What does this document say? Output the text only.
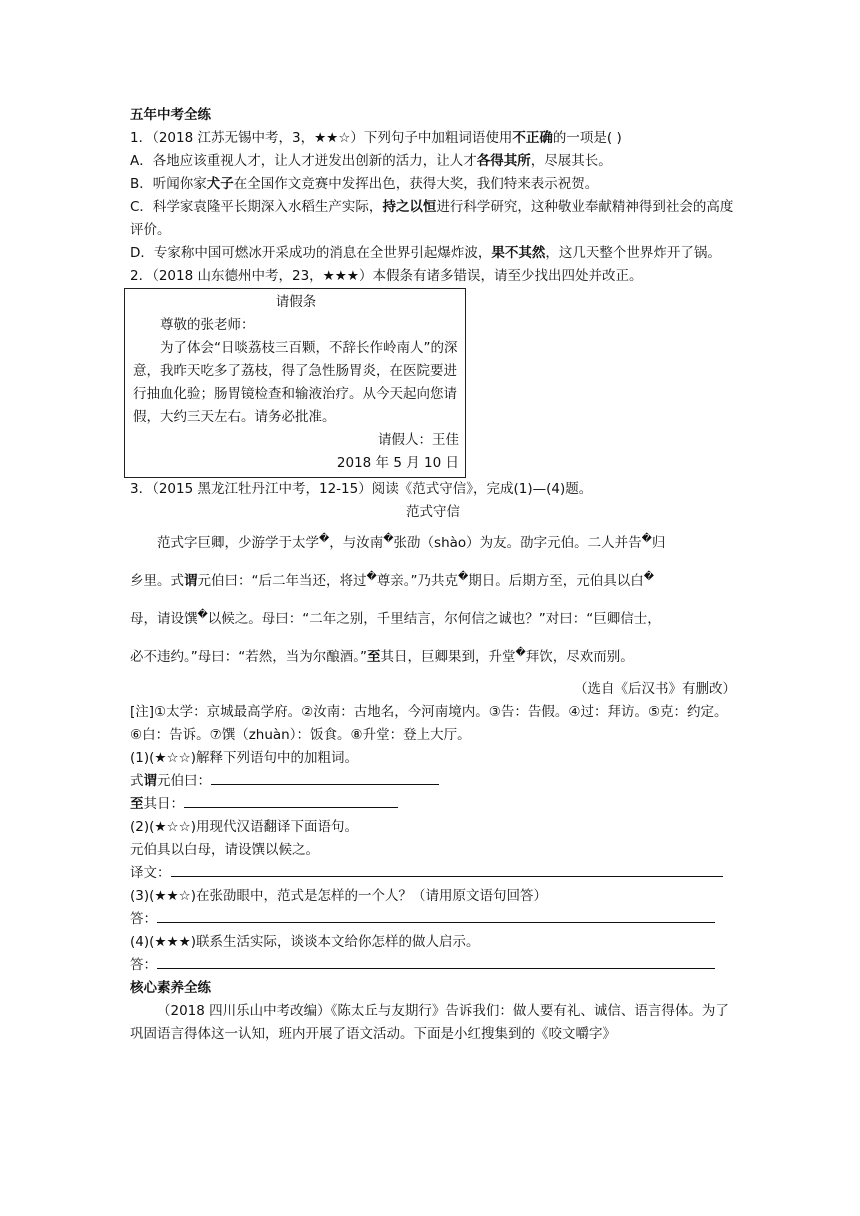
五年中考全练
1．（2018 江苏无锡中考，3，★★☆）下列句子中加粗词语使用不正确的一项是( )
A．各地应该重视人才，让人才迸发出创新的活力，让人才各得其所，尽展其长。
B．听闻你家犬子在全国作文竞赛中发挥出色，获得大奖，我们特来表示祝贺。
C．科学家袁隆平长期深入水稻生产实际，持之以恒进行科学研究，这种敬业奉献精神得到社会的高度评价。
D．专家称中国可燃冰开采成功的消息在全世界引起爆炸波，果不其然，这几天整个世界炸开了锅。
2．（2018 山东德州中考，23，★★★）本假条有诸多错误，请至少找出四处并改正。
请假条
尊敬的张老师：
为了体会“日啖荔枝三百颗，不辞长作岭南人”的深意，我昨天吃多了荔枝，得了急性肠胃炎，在医院要进行抽血化验；肠胃镜检查和输液治疗。从今天起向您请假，大约三天左右。请务必批准。
请假人：王佳
2018 年 5 月 10 日
3．（2015 黑龙江牡丹江中考，12-15）阅读《范式守信》，完成(1)—(4)题。
范式守信
范式字巨卿，少游学于太学�，与汝南�张劭（shào）为友。劭字元伯。二人并告�归
乡里。式谓元伯曰：“后二年当还，将过�尊亲。”乃共克�期日。后期方至，元伯具以白�
母，请设馔�以候之。母曰：“二年之别，千里结言，尔何信之诚也？”对曰：“巨卿信士，
必不违约。”母曰：“若然，当为尔酿酒。”至其日，巨卿果到，升堂�拜饮，尽欢而别。
（选自《后汉书》有删改）
[注]①太学：京城最高学府。②汝南：古地名，今河南境内。③告：告假。④过：拜访。⑤克：约定。⑥白：告诉。⑦馔（zhuàn）：饭食。⑧升堂：登上大厅。
(1)(★☆☆)解释下列语句中的加粗词。
式谓元伯曰：
至其日：
(2)(★☆☆)用现代汉语翻译下面语句。
元伯具以白母，请设馔以候之。
译文：
(3)(★★☆)在张劭眼中，范式是怎样的一个人？（请用原文语句回答）
答：
(4)(★★★)联系生活实际，谈谈本文给你怎样的做人启示。
答：
核心素养全练
（2018 四川乐山中考改编）《陈太丘与友期行》告诉我们：做人要有礼、诚信、语言得体。为了巩固语言得体这一认知，班内开展了语文活动。下面是小红搜集到的《咬文嚼字》
